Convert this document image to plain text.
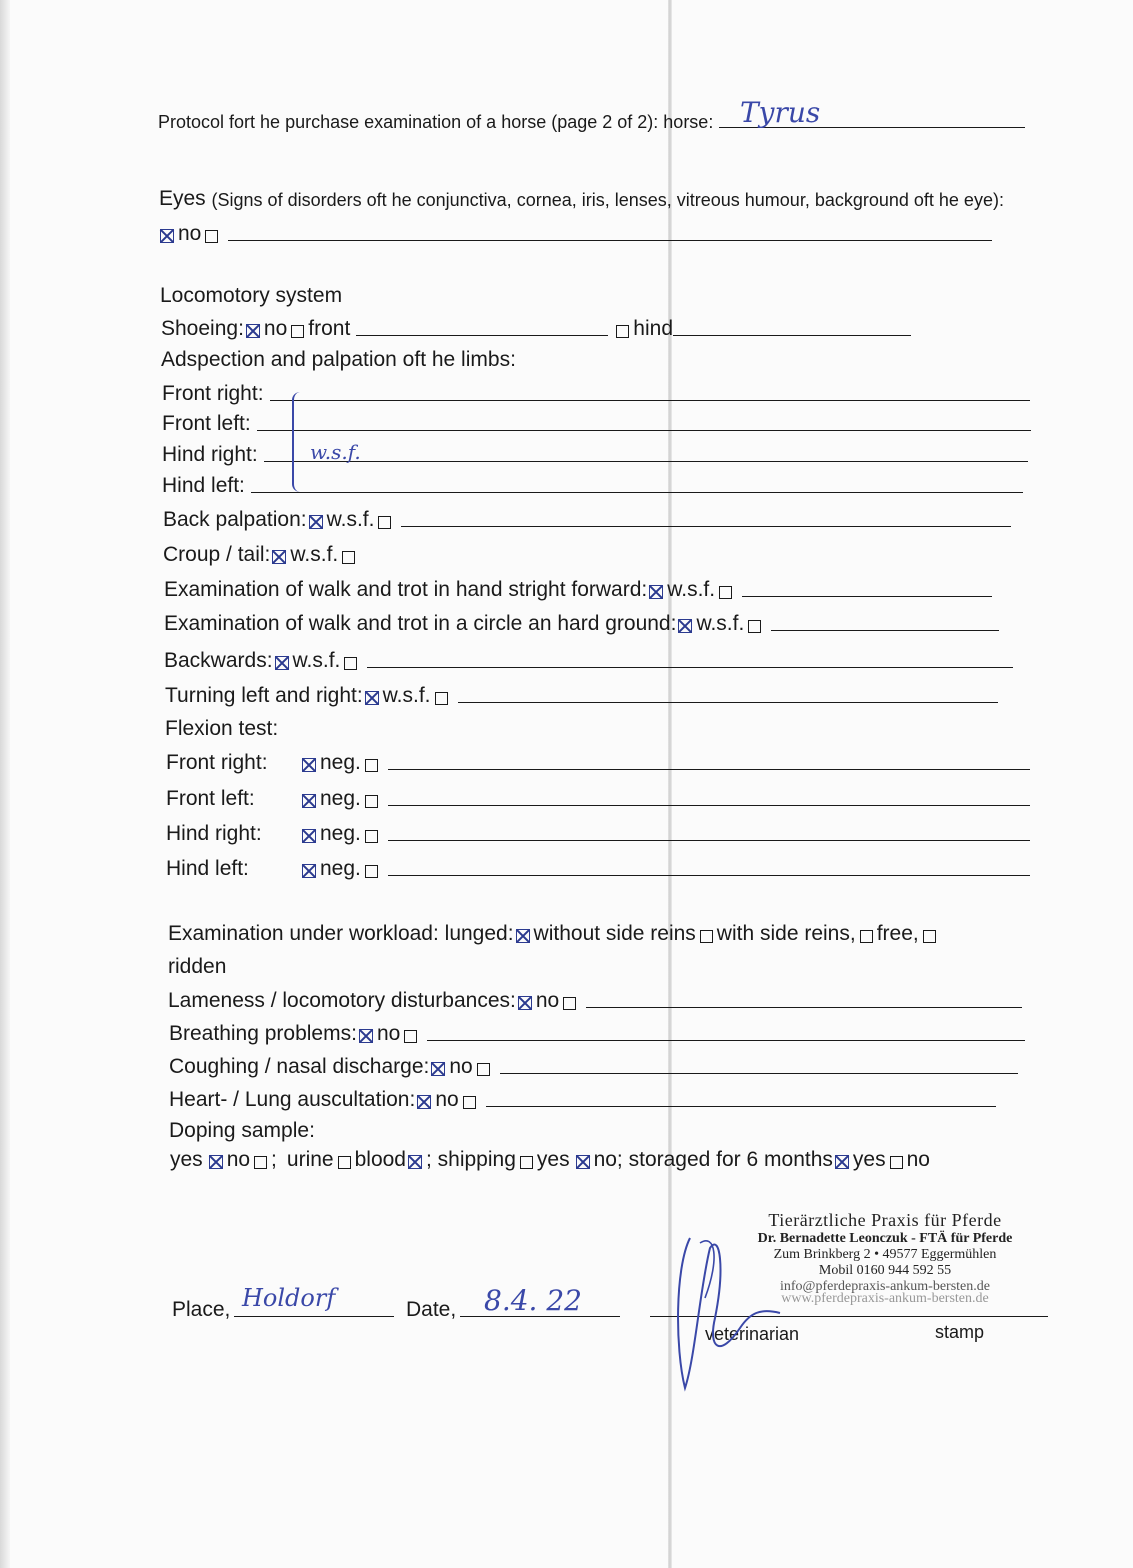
Protocol fort he purchase examination of a horse (page 2 of 2): horse: Tyrus
Eyes
(Signs of disorders oft he conjunctiva, cornea, iris, lenses, vitreous humour, background oft he eye):
no
Locomotory system
Shoeing: no front	hind
Adspection and palpation oft he limbs:
Front right:
Front left:
Hind right:
Hind left:
w.s.f.
Back palpation: w.s.f.
Croup / tail: w.s.f.
Examination of walk and trot in hand stright forward: w.s.f.
Examination of walk and trot in a circle an hard ground: w.s.f.
Backwards: w.s.f.
Turning left and right: w.s.f.
Flexion test:
Front right:	neg.
Front left:	neg.
Hind right:	neg.
Hind left:	neg.
Examination under workload: lunged: without side reins with side reins, free,
ridden
Lameness / locomotory disturbances: no
Breathing problems: no
Coughing / nasal discharge: no
Heart- / Lung auscultation: no
Doping sample:
yes no ; urine blood ; shipping yes no; storaged for 6 months yes no
Place, Holdorf	Date, 8.4. 22
veterinarian	stamp
Tierärztliche Praxis für Pferde
Dr. Bernadette Leonczuk - FTÄ für Pferde
Zum Brinkberg 2 • 49577 Eggermühlen
Mobil 0160 944 592 55
info@pferdepraxis-ankum-bersten.de
www.pferdepraxis-ankum-bersten.de
